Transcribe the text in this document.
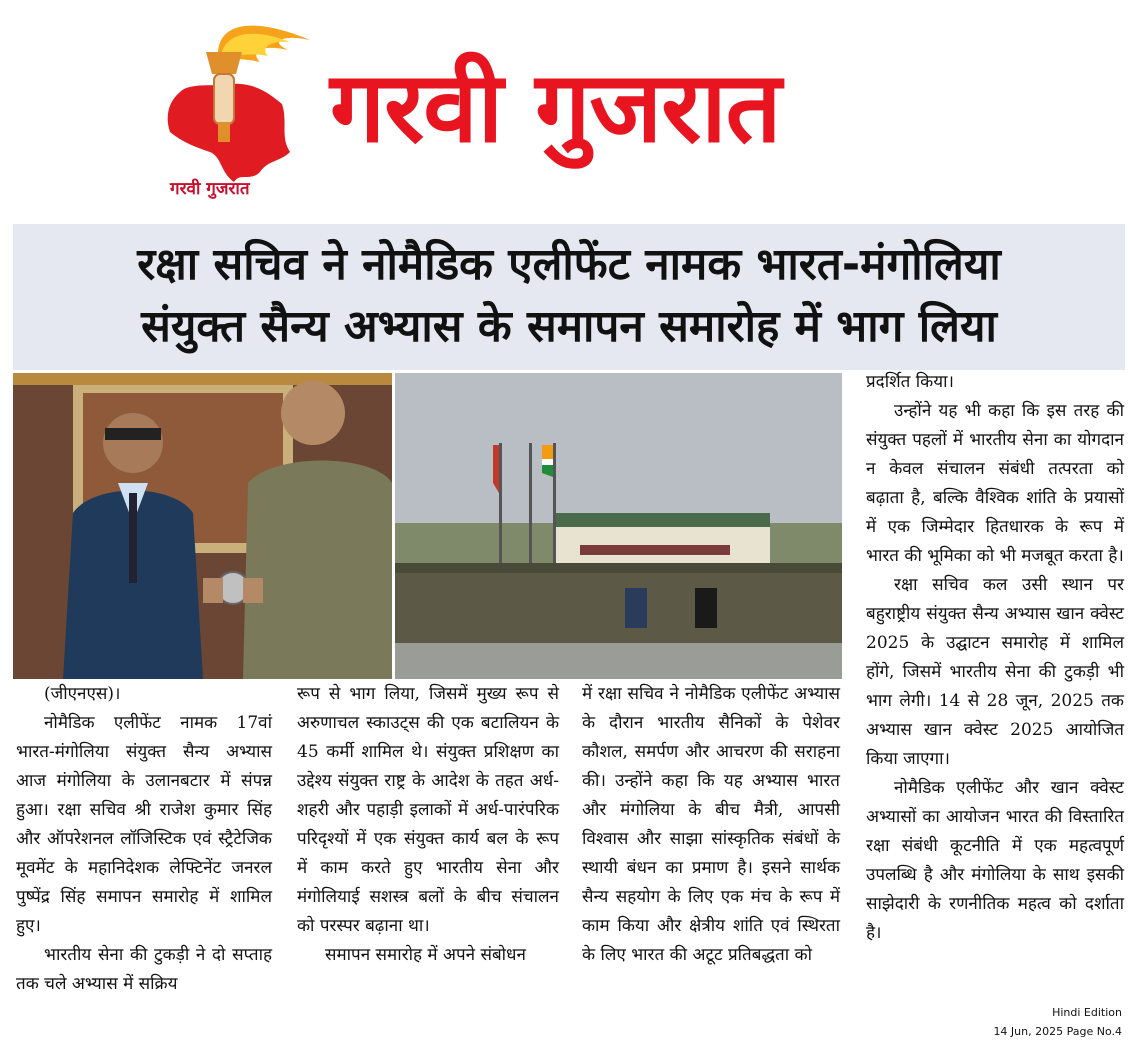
गरवी गुजरात
गरवी गुजरात
रक्षा सचिव ने नोमैडिक एलीफेंट नामक भारत-मंगोलिया
संयुक्त सैन्य अभ्यास के समापन समारोह में भाग लिया

(जीएनएस)।

नोमैडिक एलीफेंट नामक 17वां भारत-मंगोलिया संयुक्त सैन्य अभ्यास आज मंगोलिया के उलानबटार में संपन्न हुआ। रक्षा सचिव श्री राजेश कुमार सिंह और ऑपरेशनल लॉजिस्टिक एवं स्ट्रैटेजिक मूवमेंट के महानिदेशक लेफ्टिनेंट जनरल पुष्पेंद्र सिंह समापन समारोह में शामिल हुए।

भारतीय सेना की टुकड़ी ने दो सप्ताह तक चले अभ्यास में सक्रिय

रूप से भाग लिया, जिसमें मुख्य रूप से अरुणाचल स्काउट्स की एक बटालियन के 45 कर्मी शामिल थे। संयुक्त प्रशिक्षण का उद्देश्य संयुक्त राष्ट्र के आदेश के तहत अर्ध-शहरी और पहाड़ी इलाकों में अर्ध-पारंपरिक परिदृश्यों में एक संयुक्त कार्य बल के रूप में काम करते हुए भारतीय सेना और मंगोलियाई सशस्त्र बलों के बीच संचालन को परस्पर बढ़ाना था।

समापन समारोह में अपने संबोधन

में रक्षा सचिव ने नोमैडिक एलीफेंट अभ्यास के दौरान भारतीय सैनिकों के पेशेवर कौशल, समर्पण और आचरण की सराहना की। उन्होंने कहा कि यह अभ्यास भारत और मंगोलिया के बीच मैत्री, आपसी विश्वास और साझा सांस्कृतिक संबंधों के स्थायी बंधन का प्रमाण है। इसने सार्थक सैन्य सहयोग के लिए एक मंच के रूप में काम किया और क्षेत्रीय शांति एवं स्थिरता के लिए भारत की अटूट प्रतिबद्धता को

प्रदर्शित किया।

उन्होंने यह भी कहा कि इस तरह की संयुक्त पहलों में भारतीय सेना का योगदान न केवल संचालन संबंधी तत्परता को बढ़ाता है, बल्कि वैश्विक शांति के प्रयासों में एक जिम्मेदार हितधारक के रूप में भारत की भूमिका को भी मजबूत करता है।

रक्षा सचिव कल उसी स्थान पर बहुराष्ट्रीय संयुक्त सैन्य अभ्यास खान क्वेस्ट 2025 के उद्घाटन समारोह में शामिल होंगे, जिसमें भारतीय सेना की टुकड़ी भी भाग लेगी। 14 से 28 जून, 2025 तक अभ्यास खान क्वेस्ट 2025 आयोजित किया जाएगा।

नोमैडिक एलीफेंट और खान क्वेस्ट अभ्यासों का आयोजन भारत की विस्तारित रक्षा संबंधी कूटनीति में एक महत्वपूर्ण उपलब्धि है और मंगोलिया के साथ इसकी साझेदारी के रणनीतिक महत्व को दर्शाता है।

Hindi Edition
14 Jun, 2025 Page No.4
